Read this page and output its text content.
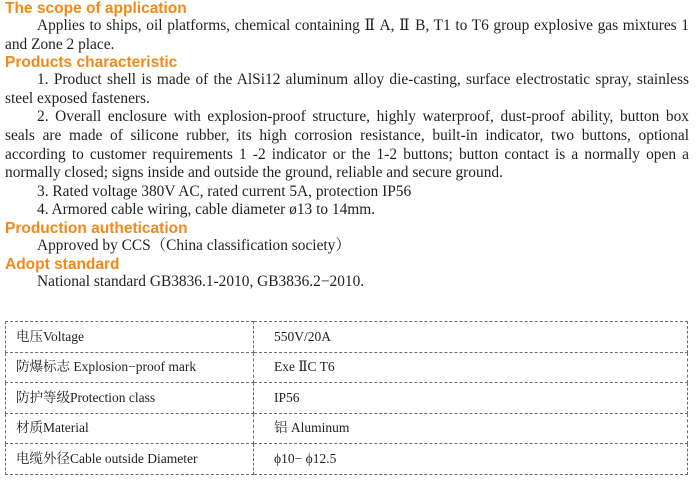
The scope of application

Applies to ships, oil platforms, chemical containing Ⅱ A, Ⅱ B, T1 to T6 group explosive gas mixtures 1 and Zone 2 place.

Products characteristic

1. Product shell is made of the AlSi12 aluminum alloy die-casting, surface electrostatic spray, stainless steel exposed fasteners.

2. Overall enclosure with explosion-proof structure, highly waterproof, dust-proof ability, button box seals are made of silicone rubber, its high corrosion resistance, built-in indicator, two buttons, optional according to customer requirements 1 -2 indicator or the 1-2 buttons; button contact is a normally open a normally closed; signs inside and outside the ground, reliable and secure ground.

3. Rated voltage 380V AC, rated current 5A, protection IP56

4. Armored cable wiring, cable diameter ø13 to 14mm.

Production authetication

Approved by CCS（China classification society）

Adopt standard

National standard GB3836.1-2010, GB3836.2−2010.

电压Voltage	550V/20A
防爆标志 Explosion−proof mark	Exe ⅡC T6
防护等级Protection class	IP56
材质Material	铝 Aluminum
电缆外径Cable outside Diameter	ϕ10− ϕ12.5
